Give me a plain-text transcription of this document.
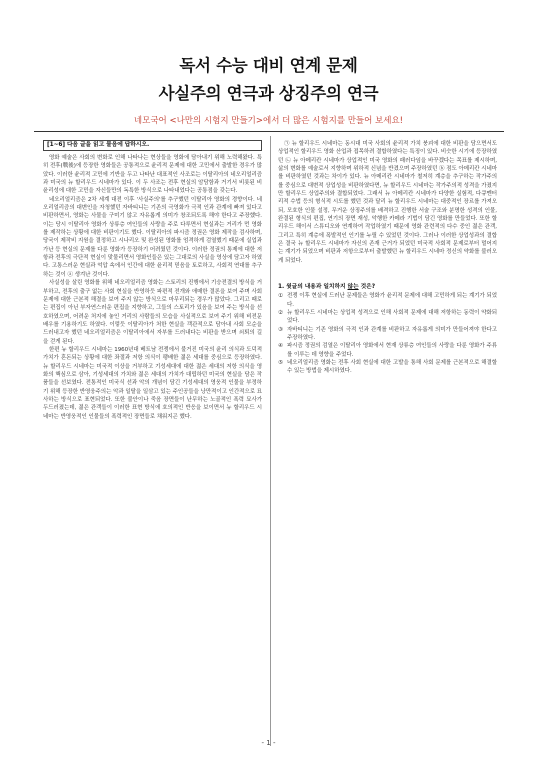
독서 수능 대비 연계 문제
사실주의 연극과 상징주의 연극
네모국어 <나만의 시험지 만들기>에서 더 많은 시험지를 만들어 보세요!
[1~6] 다음 글을 읽고 물음에 답하시오.

영화 예술은 사회의 변화로 인해 나타나는 현상들을 영화에 담아내기 위해 노력해왔다. 특히 전후(戰後)에 등장한 영화들은 공통적으로 윤리적 문제에 대한 고민에서 출발한 경우가 많았다. 이러한 윤리적 고민에 기반을 두고 나타난 대표적인 사조로는 이탈리아의 네오리얼리즘과 미국의 뉴 할리우드 시네마가 있다. 이 두 사조는 전후 현실의 암담함과 거기서 비롯된 비윤리성에 대한 고민을 자신들만의 독특한 방식으로 나타내었다는 공통점을 갖는다.

네오리얼리즘은 2차 세계 대전 이후 '사실주의'를 추구했던 이탈리아 영화의 경향이다. 네오리얼리즘의 대변인을 자청했던 자바티니는 기존의 극영화가 극적 인과 관계에 빠져 있다고 비판하면서, 영화는 사물을 구미기 않고 자유롭게 의미가 창조되도록 해야 한다고 주장했다. 이는 당시 이탈리아 영화가 상류층 여인들의 사랑을 주로 다루면서 현실과는 거리가 먼 영화를 제작하는 상황에 대한 비판이기도 했다. 이탈리아의 파시즘 정권은 영화 제작을 검사하며, 당국이 제작비 지원을 결정하고 시나리오 및 완성된 영화를 엄격하게 검열했기 때문에 실업과 가난 등 현실의 문제를 다룬 영화가 등장하기 어려웠던 것이다. 이러한 정권의 통제에 대한 저항과 전후의 극단적 현실이 맞물리면서 영화인들은 있는 그대로의 사실을 영상에 담고자 하였다. 고통스러운 현실과 억압 속에서 인간에 대한 윤리적 믿음을 토로하고, 사회적 연대를 추구하는 것이 ⓐ 생겨난 것이다.

사실성을 살린 영화를 위해 네오리얼리즘 영화는 스토리의 진행에서 기승전결의 방식을 거부하고, 전후의 출구 없는 사회 현실을 반영하듯 파편적 전개와 애매한 결론을 보여 주며 사회 문제에 대한 근본적 해결을 보여 주지 않는 방식으로 마무리되는 경우가 많았다. 그리고 때로는 편집이 아닌 부자연스러운 편집을 지향하고, 그들의 스토리가 있음을 보여 주는 방식을 선호하였으며, 어려운 처지에 놓인 거리의 사람들의 모습을 사실적으로 보여 주기 위해 비전문 배우를 기용하기도 하였다. 이렇듯 이탈리아가 처한 현실을 객관적으로 담아내 사회 모순을 드러내고자 했던 네오리얼리즘은 이탈리아에서 자부를 드러내다는 비판을 받으며 쇠퇴의 길을 걷게 된다.

한편 뉴 할리우드 시네마는 1960년대 베트남 전쟁에서 불거진 미국의 윤리 의식과 도덕적 가치가 혼돈되는 상황에 대한 좌절과 저항 의식이 팽배한 젊은 세대를 중심으로 등장하였다. 뉴 할리우드 시네마는 미국적 이상을 거부하고 기성세대에 대한 젊은 세대의 저항 의식을 영화의 핵심으로 삼아, 기성세대의 가치와 젊은 세대의 가치가 대립하던 미국의 현실을 담은 작품들을 선보였다. 전통적인 미국식 선과 악의 개념이 담긴 기성세대의 영웅적 인물을 부정하기 위해 등장한 반영웅주의는 악과 일탈을 일삼고 있는 주인공들을 낭만적이고 인간적으로 묘사하는 방식으로 표현되었다. 또한 불안이나 죽음 장면들이 난무하는 노골적인 폭력 묘사가 두드러졌는데, 젊은 관객들이 이러한 표현 방식에 호의적인 반응을 보이면서 뉴 할리우드 시네마는 반영웅적인 인물들의 폭력적인 장면들로 채워지곤 했다.

㉠ 뉴 할리우드 시네마는 동시대 미국 사회의 윤리적 가치 붕괴에 대한 비판을 담으면서도 상업적인 할리우드 영화 산업과 접목하려 결합하였다는 특징이 있다. 비슷한 시기에 등장하였던 ㉡ 뉴 아메리칸 시네마가 상업적인 미국 영화의 패러다임을 바꾸겠다는 목표를 제시하며, 삶의 변화를 예술로서 지향하며 위하적 신념을 반겼으며 주장하였던 ⓑ 점도 아메리칸 시네마를 비판하였던 것과는 차이가 있다. 뉴 아메리칸 시네마가 철저히 계층을 추구하는 작가주의를 중심으로 대변적 상업성을 비판하였다면, 뉴 할리우드 시네마는 작가주의적 성격을 가졌지만 할리우드 상업주의와 결합되었다. 그래서 뉴 아메리칸 시네마가 다양한 실험적, 다큐멘터리적 수법 등의 형식적 시도를 했던 것과 달리 뉴 할리우드 시네마는 대중적인 장르를 가져오되, 모호한 인물 설정, 무거운 상징주의를 배격하고 진행한 서술 구조와 분명한 성격의 인물, 완결된 형식의 편집, 연기의 장면 재성, 악행한 카메라 기법이 담긴 영화를 만들었다. 또한 할리우드 해이서 스튜디오와 연계하여 작업하였기 때문에 영화 관련적의 다수 중인 젊은 관객, 그리고 특히 계층에 폭발적인 인기를 누릴 수 있었던 것이다. 그러나 이러한 상업성과의 결합은 결국 뉴 할리우드 시네마가 자신의 존재 근거가 되었던 미국적 사회적 문제로부터 멀어지는 계기가 되었으며 비판과 저항으로부터 출발했던 뉴 할리우드 시네마 정신의 약화를 불러오게 되었다.

1. 윗글의 내용과 일치하지 않는 것은?
① 전쟁 이후 현실에 드러난 문제들은 영화가 윤리적 문제에 대해 고민하게 되는 계기가 되었다.
② 뉴 할리우드 시네마는 상업적 성격으로 인해 사회적 문제에 대해 저항하는 동력이 약화되었다.
③ 자바티니는 기존 영화의 극적 인과 관계를 비판하고 자유롭게 의미가 만들어져야 한다고 주장하였다.
④ 파시즘 정권의 검열은 이탈리아 영화에서 현재 상류층 여인들의 사랑을 다룬 영화가 주류를 이루는 데 영향을 주었다.
⑤ 네오리얼리즘 영화는 전후 사회 현실에 대한 고발을 통해 사회 문제를 근본적으로 해결할 수 있는 방법을 제시하였다.
- 1 -
